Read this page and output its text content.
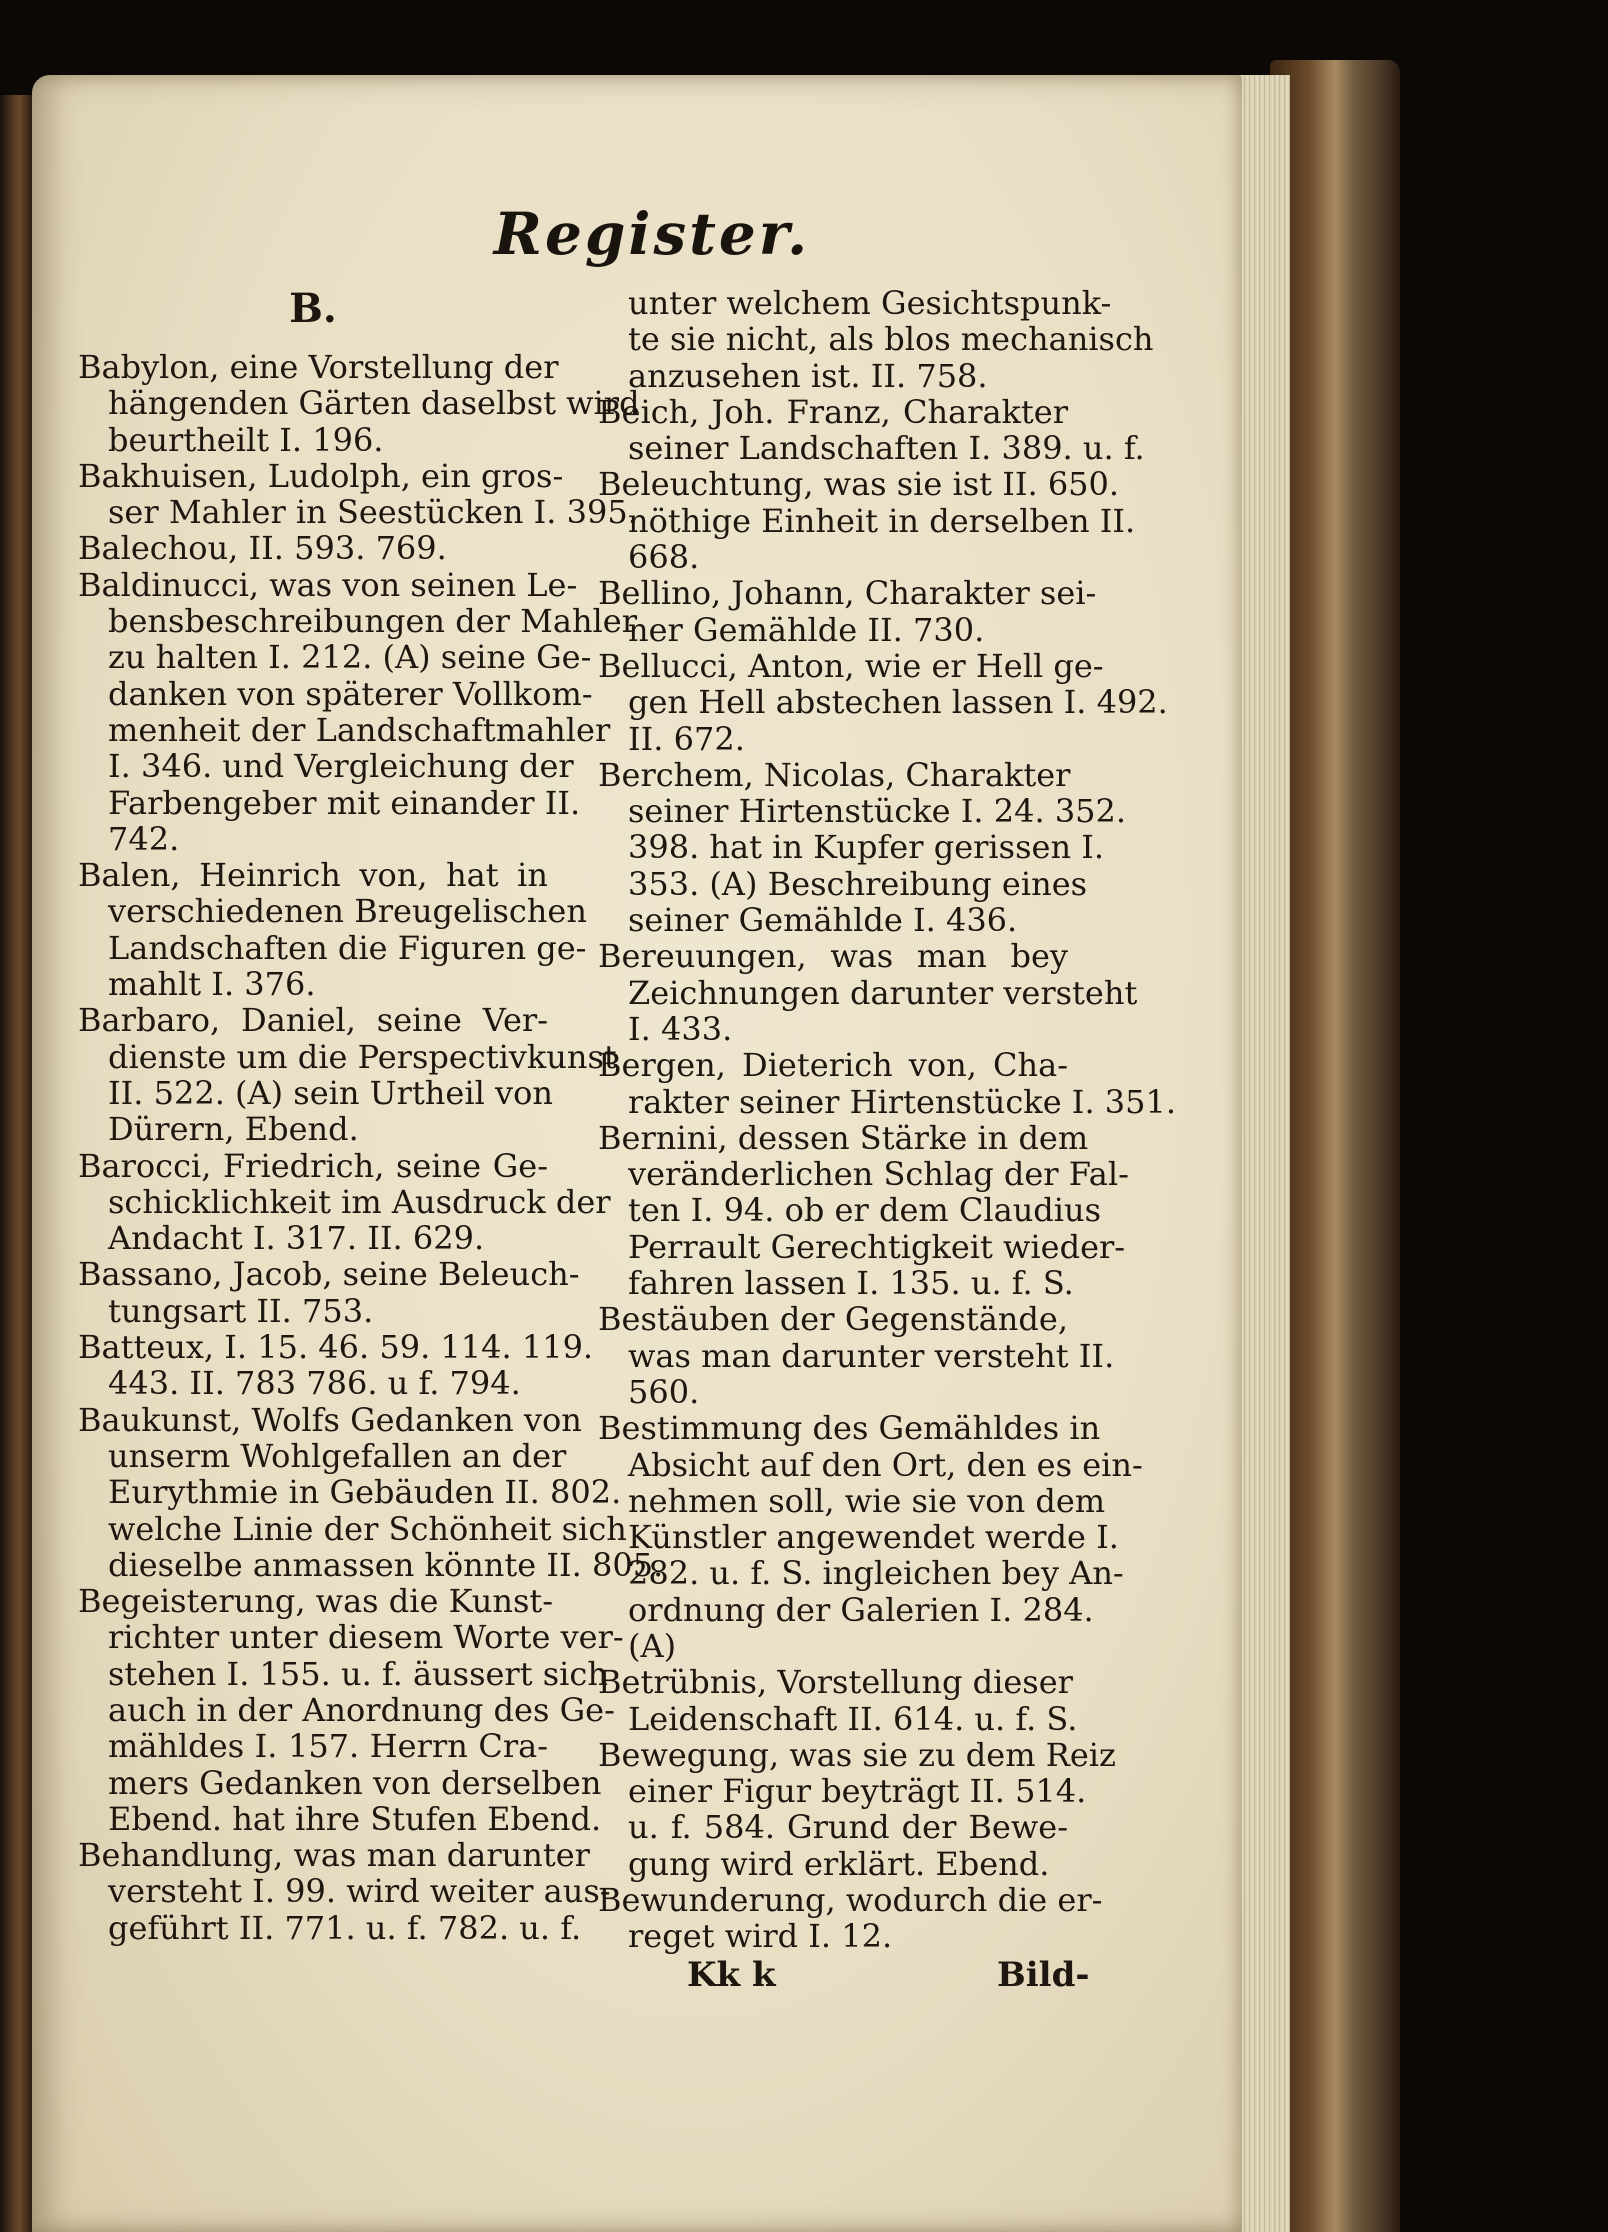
Register.
B.
Babylon, eine Vorstellung der
hängenden Gärten daselbst wird
beurtheilt I. 196.
Bakhuisen, Ludolph, ein gros-
ser Mahler in Seestücken I. 395.
Balechou, II. 593. 769.
Baldinucci, was von seinen Le-
bensbeschreibungen der Mahler
zu halten I. 212. (A) seine Ge-
danken von späterer Vollkom-
menheit der Landschaftmahler
I. 346. und Vergleichung der
Farbengeber mit einander II.
742.
Balen, Heinrich von, hat in
verschiedenen Breugelischen
Landschaften die Figuren ge-
mahlt I. 376.
Barbaro, Daniel, seine Ver-
dienste um die Perspectivkunst
II. 522. (A) sein Urtheil von
Dürern, Ebend.
Barocci, Friedrich, seine Ge-
schicklichkeit im Ausdruck der
Andacht I. 317. II. 629.
Bassano, Jacob, seine Beleuch-
tungsart II. 753.
Batteux, I. 15. 46. 59. 114. 119.
443. II. 783 786. u f. 794.
Baukunst, Wolfs Gedanken von
unserm Wohlgefallen an der
Eurythmie in Gebäuden II. 802.
welche Linie der Schönheit sich
dieselbe anmassen könnte II. 805.
Begeisterung, was die Kunst-
richter unter diesem Worte ver-
stehen I. 155. u. f. äussert sich
auch in der Anordnung des Ge-
mähldes I. 157. Herrn Cra-
mers Gedanken von derselben
Ebend. hat ihre Stufen Ebend.
Behandlung, was man darunter
versteht I. 99. wird weiter aus-
geführt II. 771. u. f. 782. u. f.
unter welchem Gesichtspunk-
te sie nicht, als blos mechanisch
anzusehen ist. II. 758.
Beich, Joh. Franz, Charakter
seiner Landschaften I. 389. u. f.
Beleuchtung, was sie ist II. 650.
nöthige Einheit in derselben II.
668.
Bellino, Johann, Charakter sei-
ner Gemählde II. 730.
Bellucci, Anton, wie er Hell ge-
gen Hell abstechen lassen I. 492.
II. 672.
Berchem, Nicolas, Charakter
seiner Hirtenstücke I. 24. 352.
398. hat in Kupfer gerissen I.
353. (A) Beschreibung eines
seiner Gemählde I. 436.
Bereuungen, was man bey
Zeichnungen darunter versteht
I. 433.
Bergen, Dieterich von, Cha-
rakter seiner Hirtenstücke I. 351.
Bernini, dessen Stärke in dem
veränderlichen Schlag der Fal-
ten I. 94. ob er dem Claudius
Perrault Gerechtigkeit wieder-
fahren lassen I. 135. u. f. S.
Bestäuben der Gegenstände,
was man darunter versteht II.
560.
Bestimmung des Gemähldes in
Absicht auf den Ort, den es ein-
nehmen soll, wie sie von dem
Künstler angewendet werde I.
282. u. f. S. ingleichen bey An-
ordnung der Galerien I. 284.
(A)
Betrübnis, Vorstellung dieser
Leidenschaft II. 614. u. f. S.
Bewegung, was sie zu dem Reiz
einer Figur beyträgt II. 514.
u. f. 584. Grund der Bewe-
gung wird erklärt. Ebend.
Bewunderung, wodurch die er-
reget wird I. 12.
Kk k	Bild-
